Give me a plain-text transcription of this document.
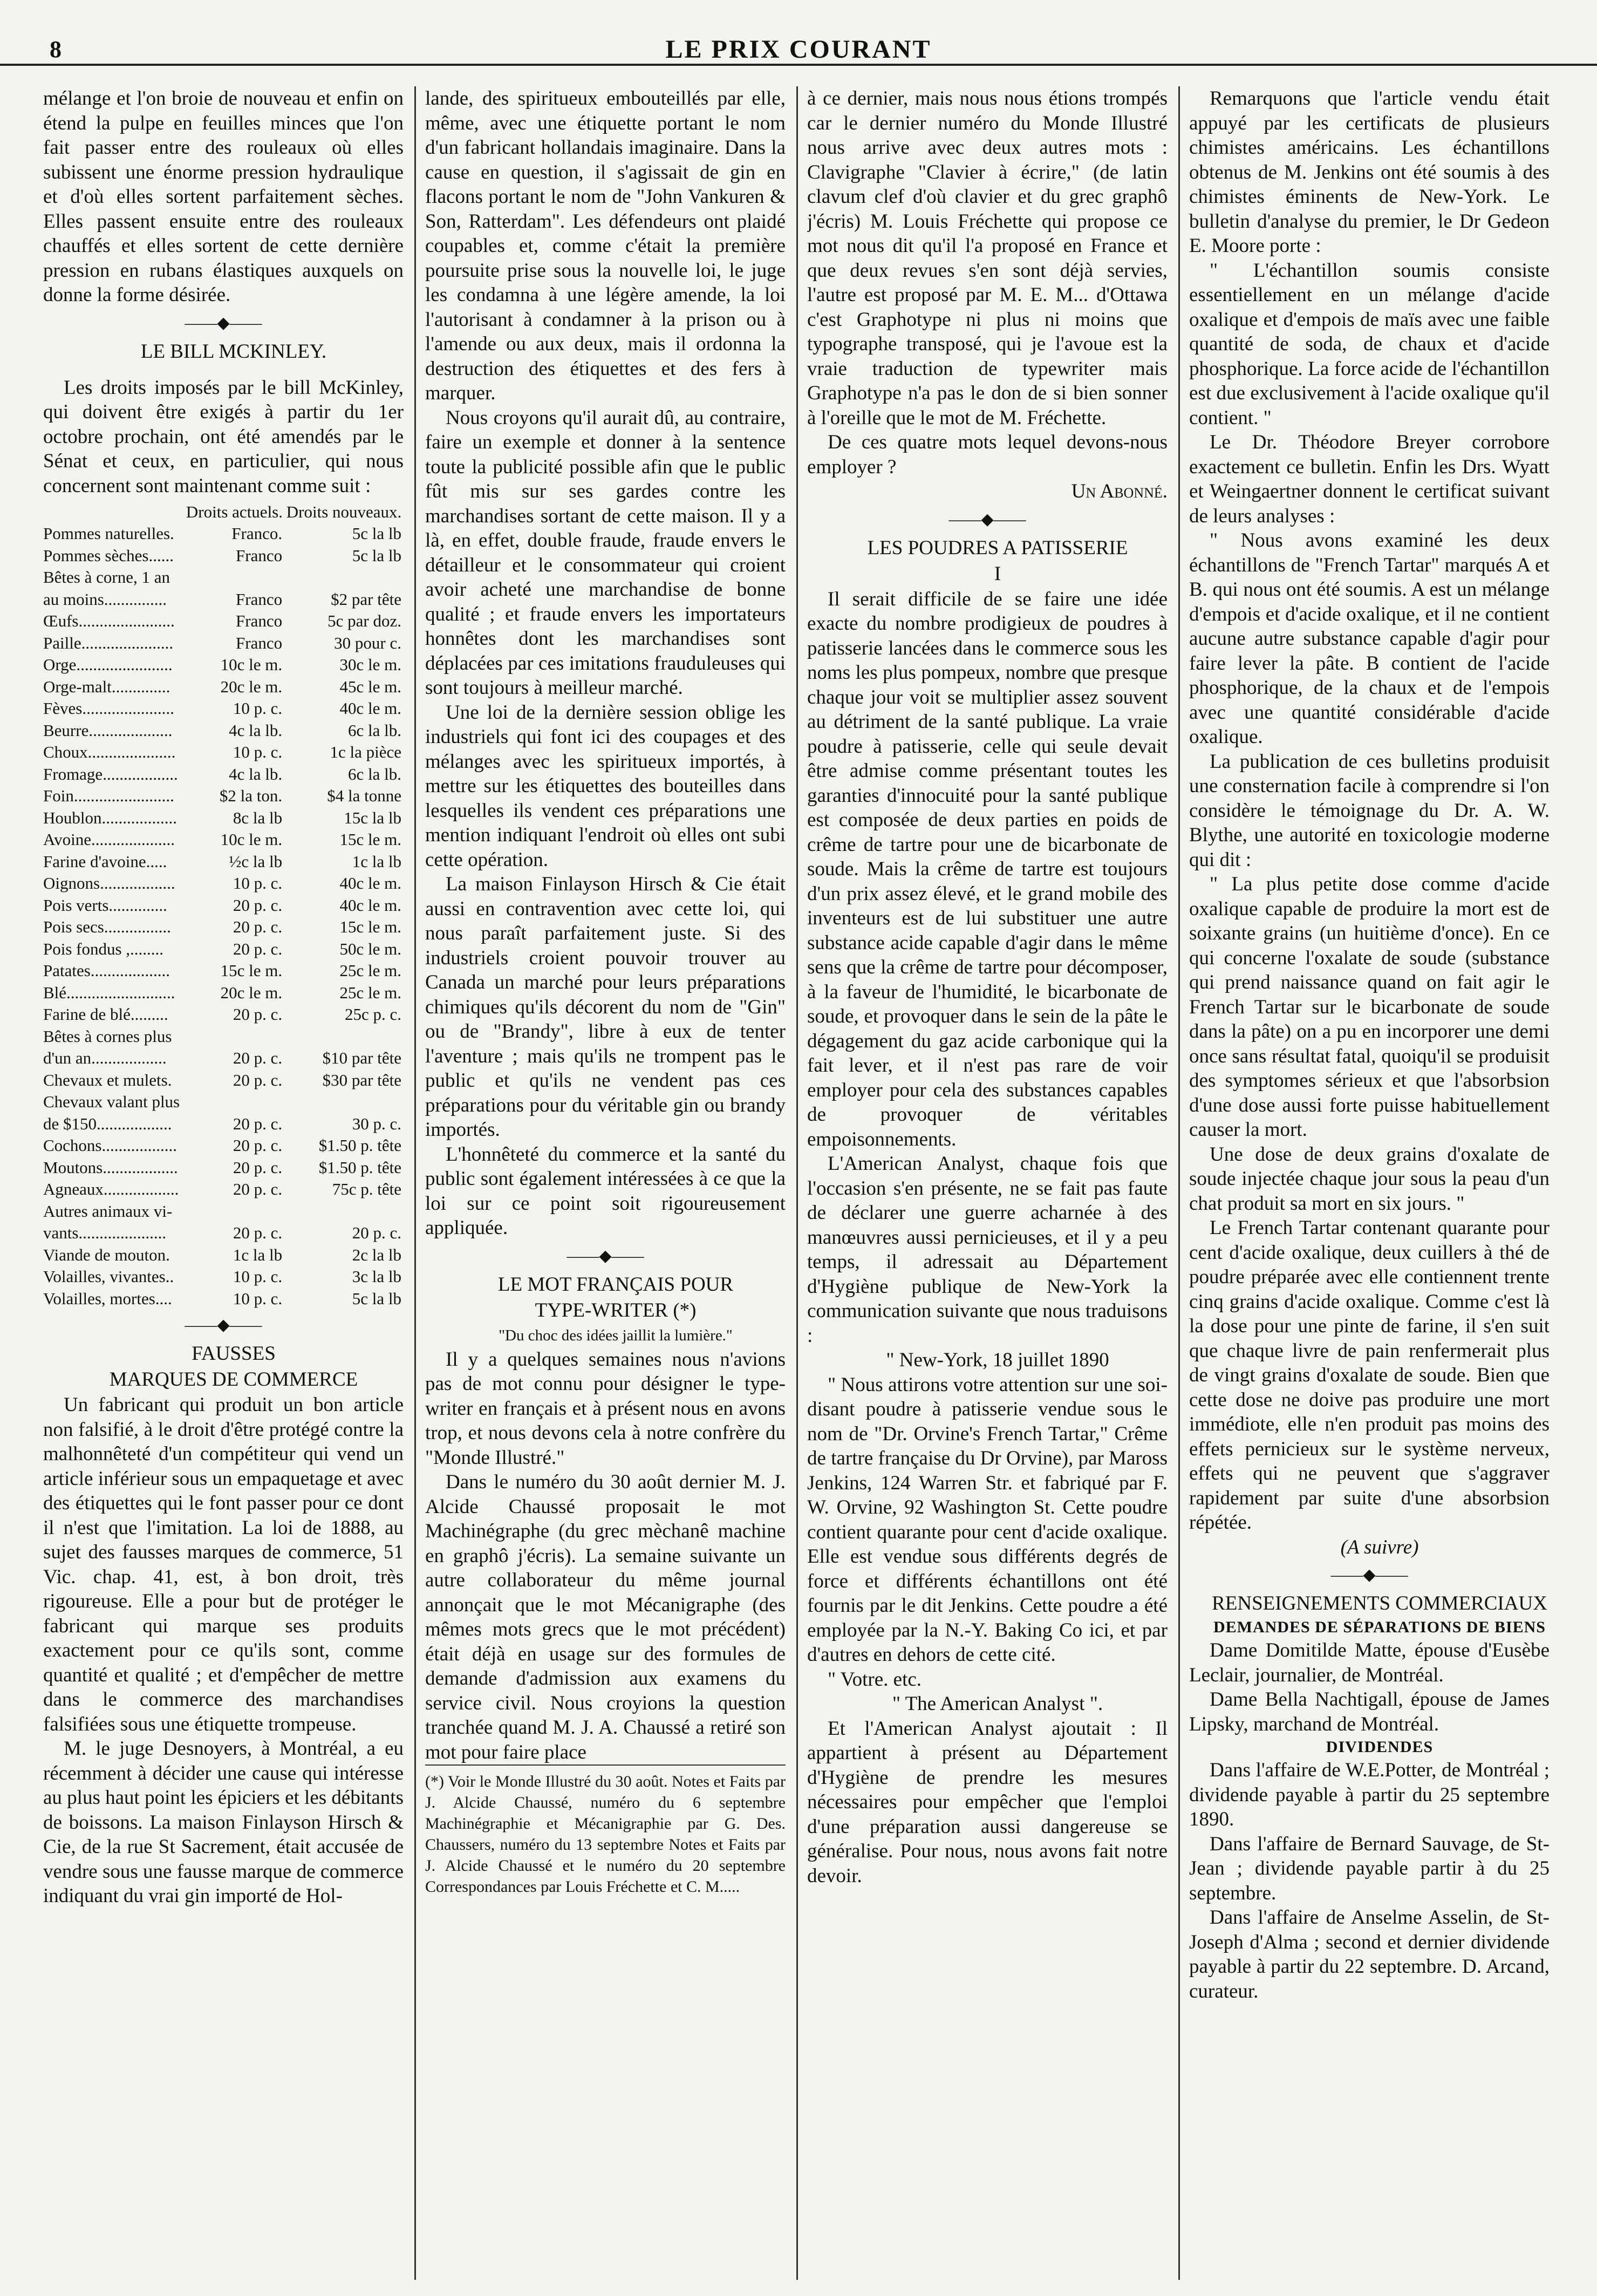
8	LE PRIX COURANT

mélange et l'on broie de nouveau et enfin on étend la pulpe en feuilles minces que l'on fait passer entre des rouleaux où elles subissent une énorme pression hydraulique et d'où elles sortent parfaitement sèches. Elles passent ensuite entre des rouleaux chauffés et elles sortent de cette dernière pression en rubans élastiques auxquels on donne la forme désirée.

——◆——

LE BILL MCKINLEY.

Les droits imposés par le bill McKinley, qui doivent être exigés à partir du 1er octobre prochain, ont été amendés par le Sénat et ceux, en particulier, qui nous concernent sont maintenant comme suit :

	Droits actuels.	Droits nouveaux.
Pommes naturelles.	Franco.	5c la lb
Pommes sèches......	Franco	5c la lb
Bêtes à corne, 1 an		
au moins...............	Franco	$2 par tête
Œufs.......................	Franco	5c par doz.
Paille......................	Franco	30 pour c.
Orge.......................	10c le m.	30c le m.
Orge-malt..............	20c le m.	45c le m.
Fèves......................	10 p. c.	40c le m.
Beurre....................	4c la lb.	6c la lb.
Choux.....................	10 p. c.	1c la pièce
Fromage..................	4c la lb.	6c la lb.
Foin........................	$2 la ton.	$4 la tonne
Houblon..................	8c la lb	15c la lb
Avoine....................	10c le m.	15c le m.
Farine d'avoine.....	½c la lb	1c la lb
Oignons..................	10 p. c.	40c le m.
Pois verts..............	20 p. c.	40c le m.
Pois secs................	20 p. c.	15c le m.
Pois fondus ,........	20 p. c.	50c le m.
Patates...................	15c le m.	25c le m.
Blé..........................	20c le m.	25c le m.
Farine de blé.........	20 p. c.	25c p. c.
Bêtes à cornes plus		
d'un an..................	20 p. c.	$10 par tête
Chevaux et mulets.	20 p. c.	$30 par tête
Chevaux valant plus		
de $150..................	20 p. c.	30 p. c.
Cochons..................	20 p. c.	$1.50 p. tête
Moutons..................	20 p. c.	$1.50 p. tête
Agneaux..................	20 p. c.	75c p. tête
Autres animaux vi-		
vants.....................	20 p. c.	20 p. c.
Viande de mouton.	1c la lb	2c la lb
Volailles, vivantes..	10 p. c.	3c la lb
Volailles, mortes....	10 p. c.	5c la lb
——◆——

FAUSSES

MARQUES DE COMMERCE

Un fabricant qui produit un bon article non falsifié, à le droit d'être protégé contre la malhonnêteté d'un compétiteur qui vend un article inférieur sous un empaquetage et avec des étiquettes qui le font passer pour ce dont il n'est que l'imitation. La loi de 1888, au sujet des fausses marques de commerce, 51 Vic. chap. 41, est, à bon droit, très rigoureuse. Elle a pour but de protéger le fabricant qui marque ses produits exactement pour ce qu'ils sont, comme quantité et qualité ; et d'empêcher de mettre dans le commerce des marchandises falsifiées sous une étiquette trompeuse.

M. le juge Desnoyers, à Montréal, a eu récemment à décider une cause qui intéresse au plus haut point les épiciers et les débitants de boissons. La maison Finlayson Hirsch & Cie, de la rue St Sacrement, était accusée de vendre sous une fausse marque de commerce indiquant du vrai gin importé de Hol-

lande, des spiritueux embouteillés par elle, même, avec une étiquette portant le nom d'un fabricant hollandais imaginaire. Dans la cause en question, il s'agissait de gin en flacons portant le nom de "John Vankuren & Son, Ratterdam". Les défendeurs ont plaidé coupables et, comme c'était la première poursuite prise sous la nouvelle loi, le juge les condamna à une légère amende, la loi l'autorisant à condamner à la prison ou à l'amende ou aux deux, mais il ordonna la destruction des étiquettes et des fers à marquer.

Nous croyons qu'il aurait dû, au contraire, faire un exemple et donner à la sentence toute la publicité possible afin que le public fût mis sur ses gardes contre les marchandises sortant de cette maison. Il y a là, en effet, double fraude, fraude envers le détailleur et le consommateur qui croient avoir acheté une marchandise de bonne qualité ; et fraude envers les importateurs honnêtes dont les marchandises sont déplacées par ces imitations frauduleuses qui sont toujours à meilleur marché.

Une loi de la dernière session oblige les industriels qui font ici des coupages et des mélanges avec les spiritueux importés, à mettre sur les étiquettes des bouteilles dans lesquelles ils vendent ces préparations une mention indiquant l'endroit où elles ont subi cette opération.

La maison Finlayson Hirsch & Cie était aussi en contravention avec cette loi, qui nous paraît parfaitement juste. Si des industriels croient pouvoir trouver au Canada un marché pour leurs préparations chimiques qu'ils décorent du nom de "Gin" ou de "Brandy", libre à eux de tenter l'aventure ; mais qu'ils ne trompent pas le public et qu'ils ne vendent pas ces préparations pour du véritable gin ou brandy importés.

L'honnêteté du commerce et la santé du public sont également intéressées à ce que la loi sur ce point soit rigoureusement appliquée.

——◆——

LE MOT FRANÇAIS POUR

TYPE-WRITER (*)

"Du choc des idées jaillit la lumière."

Il y a quelques semaines nous n'avions pas de mot connu pour désigner le type-writer en français et à présent nous en avons trop, et nous devons cela à notre confrère du "Monde Illustré."

Dans le numéro du 30 août dernier M. J. Alcide Chaussé proposait le mot Machinégraphe (du grec mèchanê machine en graphô j'écris). La semaine suivante un autre collaborateur du même journal annonçait que le mot Mécanigraphe (des mêmes mots grecs que le mot précédent) était déjà en usage sur des formules de demande d'admission aux examens du service civil. Nous croyions la question tranchée quand M. J. A. Chaussé a retiré son mot pour faire place

(*) Voir le Monde Illustré du 30 août. Notes et Faits par J. Alcide Chaussé, numéro du 6 septembre Machinégraphie et Mécanigraphie par G. Des. Chaussers, numéro du 13 septembre Notes et Faits par J. Alcide Chaussé et le numéro du 20 septembre Correspondances par Louis Fréchette et C. M.....

à ce dernier, mais nous nous étions trompés car le dernier numéro du Monde Illustré nous arrive avec deux autres mots : Clavigraphe "Clavier à écrire," (de latin clavum clef d'où clavier et du grec graphô j'écris) M. Louis Fréchette qui propose ce mot nous dit qu'il l'a proposé en France et que deux revues s'en sont déjà servies, l'autre est proposé par M. E. M... d'Ottawa c'est Graphotype ni plus ni moins que typographe transposé, qui je l'avoue est la vraie traduction de typewriter mais Graphotype n'a pas le don de si bien sonner à l'oreille que le mot de M. Fréchette.

De ces quatre mots lequel devons-nous employer ?

Un Abonné.

——◆——

LES POUDRES A PATISSERIE

I

Il serait difficile de se faire une idée exacte du nombre prodigieux de poudres à patisserie lancées dans le commerce sous les noms les plus pompeux, nombre que presque chaque jour voit se multiplier assez souvent au détriment de la santé publique. La vraie poudre à patisserie, celle qui seule devait être admise comme présentant toutes les garanties d'innocuité pour la santé publique est composée de deux parties en poids de crême de tartre pour une de bicarbonate de soude. Mais la crême de tartre est toujours d'un prix assez élevé, et le grand mobile des inventeurs est de lui substituer une autre substance acide capable d'agir dans le même sens que la crême de tartre pour décomposer, à la faveur de l'humidité, le bicarbonate de soude, et provoquer dans le sein de la pâte le dégagement du gaz acide carbonique qui la fait lever, et il n'est pas rare de voir employer pour cela des substances capables de provoquer de véritables empoisonnements.

L'American Analyst, chaque fois que l'occasion s'en présente, ne se fait pas faute de déclarer une guerre acharnée à des manœuvres aussi pernicieuses, et il y a peu temps, il adressait au Département d'Hygiène publique de New-York la communication suivante que nous traduisons :

" New-York, 18 juillet 1890

" Nous attirons votre attention sur une soi-disant poudre à patisserie vendue sous le nom de "Dr. Orvine's French Tartar," Crême de tartre française du Dr Orvine), par Maross Jenkins, 124 Warren Str. et fabriqué par F. W. Orvine, 92 Washington St. Cette poudre contient quarante pour cent d'acide oxalique. Elle est vendue sous différents degrés de force et différents échantillons ont été fournis par le dit Jenkins. Cette poudre a été employée par la N.-Y. Baking Co ici, et par d'autres en dehors de cette cité.

" Votre. etc.

" The American Analyst ".

Et l'American Analyst ajoutait : Il appartient à présent au Département d'Hygiène de prendre les mesures nécessaires pour empêcher que l'emploi d'une préparation aussi dangereuse se généralise. Pour nous, nous avons fait notre devoir.

Remarquons que l'article vendu était appuyé par les certificats de plusieurs chimistes américains. Les échantillons obtenus de M. Jenkins ont été soumis à des chimistes éminents de New-York. Le bulletin d'analyse du premier, le Dr Gedeon E. Moore porte :

" L'échantillon soumis consiste essentiellement en un mélange d'acide oxalique et d'empois de maïs avec une faible quantité de soda, de chaux et d'acide phosphorique. La force acide de l'échantillon est due exclusivement à l'acide oxalique qu'il contient. "

Le Dr. Théodore Breyer corrobore exactement ce bulletin. Enfin les Drs. Wyatt et Weingaertner donnent le certificat suivant de leurs analyses :

" Nous avons examiné les deux échantillons de "French Tartar" marqués A et B. qui nous ont été soumis. A est un mélange d'empois et d'acide oxalique, et il ne contient aucune autre substance capable d'agir pour faire lever la pâte. B contient de l'acide phosphorique, de la chaux et de l'empois avec une quantité considérable d'acide oxalique.

La publication de ces bulletins produisit une consternation facile à comprendre si l'on considère le témoignage du Dr. A. W. Blythe, une autorité en toxicologie moderne qui dit :

" La plus petite dose comme d'acide oxalique capable de produire la mort est de soixante grains (un huitième d'once). En ce qui concerne l'oxalate de soude (substance qui prend naissance quand on fait agir le French Tartar sur le bicarbonate de soude dans la pâte) on a pu en incorporer une demi once sans résultat fatal, quoiqu'il se produisit des symptomes sérieux et que l'absorbsion d'une dose aussi forte puisse habituellement causer la mort.

Une dose de deux grains d'oxalate de soude injectée chaque jour sous la peau d'un chat produit sa mort en six jours. "

Le French Tartar contenant quarante pour cent d'acide oxalique, deux cuillers à thé de poudre préparée avec elle contiennent trente cinq grains d'acide oxalique. Comme c'est là la dose pour une pinte de farine, il s'en suit que chaque livre de pain renfermerait plus de vingt grains d'oxalate de soude. Bien que cette dose ne doive pas produire une mort immédiote, elle n'en produit pas moins des effets pernicieux sur le système nerveux, effets qui ne peuvent que s'aggraver rapidement par suite d'une absorbsion répétée.

(A suivre)

——◆——

RENSEIGNEMENTS COMMERCIAUX

DEMANDES DE SÉPARATIONS DE BIENS

Dame Domitilde Matte, épouse d'Eusèbe Leclair, journalier, de Montréal.

Dame Bella Nachtigall, épouse de James Lipsky, marchand de Montréal.

DIVIDENDES

Dans l'affaire de W.E.Potter, de Montréal ; dividende payable à partir du 25 septembre 1890.

Dans l'affaire de Bernard Sauvage, de St-Jean ; dividende payable partir à du 25 septembre.

Dans l'affaire de Anselme Asselin, de St-Joseph d'Alma ; second et dernier dividende payable à partir du 22 septembre. D. Arcand, curateur.
